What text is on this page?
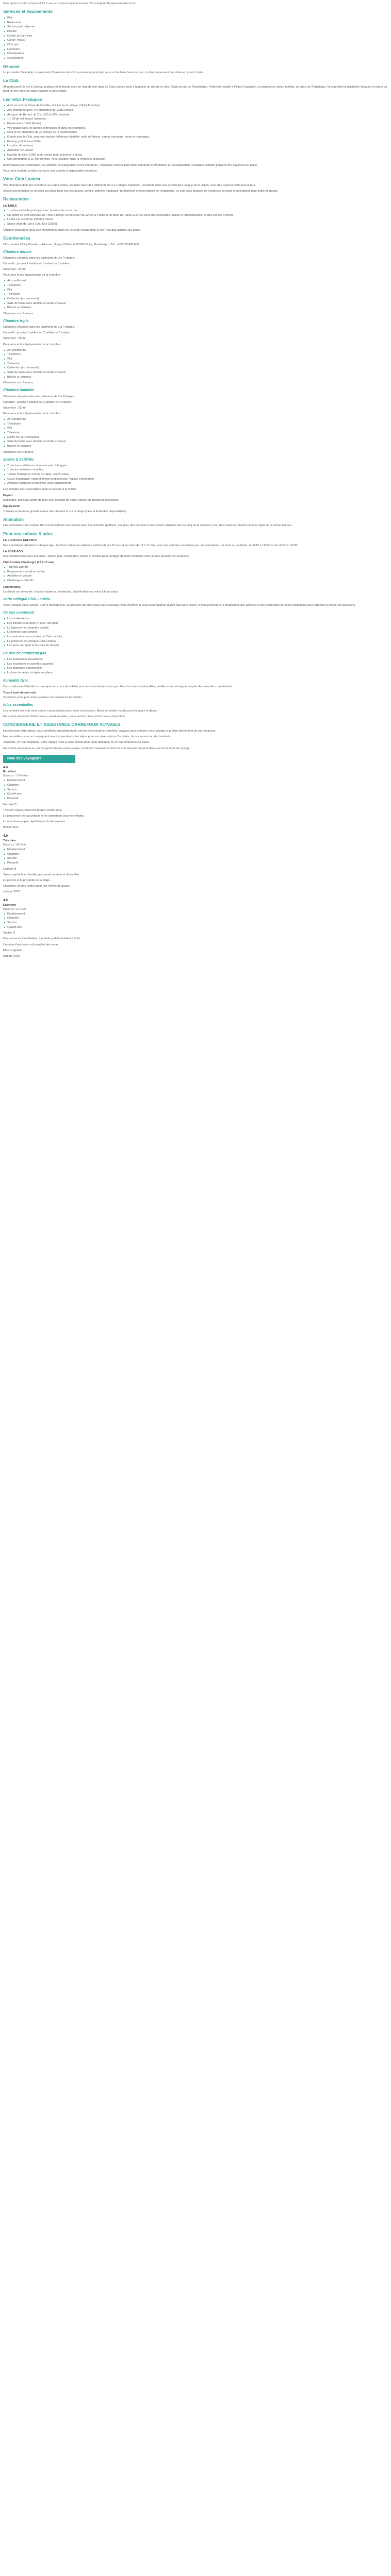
Description Ce site comprend 13 à une se composé plus Formation Conciergerie Equipement Avis Cont

Services et équipements
Wifi
Restaurant
Service petit déjeuner
Piscine
Centre de bien-être
Canal+ inclus
Club ado
Hammam
Climatisation
Conciergerie
Résumé

La proximité d'Adélaïde, à seulement 10 minutes de vol. Le restaurant principal vous, et les lieux face à la mer. Le lieu-où peuvent des rêves en grand, loisirs.

Le Club

Aflou découvrir la vie à Créteau pratique et lumineux avec en haut de mer dans ce Club Lookéa situé à la pointe au dos de la côte. Établi au sud du Monténégro, l'hôtel est installé à Pointe Couguaire, et propose un séjour familial, au cœur de l'Adriatique. Vous profiterez d'activités ludiques et séjour au bord de mer dans un cadre paisible et accueillant.

Les Infos Pratiques
4 km au sud du Phare de Camille, et 7 km au du village (Ulcinj Tobodan)
255 chambres avec 145 chambres de 'Club Lookéa'
Aéroport de Baranl, de 2 km (25 km/25 minutes)
1 h 35 de vol depuis l'aéroport
Entrée dans l'hôtel (ferme)
Wifi gratuit dans les parties communes et dans les chambres.
Club et les chambres de 30 mètres de la fonctionnalité
Gratuit pour le Club, pour une piscine intérieure chauffée, salle de fitness, sauna, hammam, soins et massages.
Parking gratuit dans l'hôtel.
Location de voitures
Animation en saison
Navette de 5 km à 800 m du centre pour séjourner à Ulcinj
Une déchetterie à 10 min (remise : lit ou location dans la résidence d'accueil).

Informations pour l'animation, les activités, la restauration et les chambres : contactez l'accueil pour toute demande d'information ou d'organisation. Certaines activités peuvent être payantes sur place.

Pour votre confort, certains services sont soumis à disponibilité en saison.

Votre Club Lookéa

255 chambres dont 110 chambres au Club Lookéa, réparties dans des bâtiments de 3 à 4 étages maximum, construits dans une architecture typique de la région, avec des espaces verts tout autour.

Accueil personnalisé et conseils sur place pour vos excursions, sorties, activités nautiques, randonnées et réservations de restaurants. Le club vous propose de nombreux services et animations pour petits et grands.

Restauration
LA TABLE
1 restaurant buffet principal avec terrasse face à la mer.
Un buffet de petit-déjeuner de 7h00 à 10h00, un déjeuner de 12h30 à 14h30 et un dîner de 19h00 à 21h30 avec des spécialités locales et internationales, et des soirées à thème.
Le bar est ouvert de 10h00 à minuit.
Snack (légè de 11h à 15h, 18 à 22h30).

*Aucune boisson ne peut être consommée dans les lieux de restauration si elle n'est pas achetée sur place.

Coordonnées

Club Lookéa Ulcinj Tobodan - Adresse : Rruga 8 Nëntori, 85360 Ulcinj, Monténégro. Tél : +382 30 400 000.

Chambre double

Chambres réparties dans les bâtiments de 3 à 4 étages.

Capacité : jusqu'à 2 adultes et 1 enfant ou 3 adultes.

Superficie : 22 m²

Pour vous et les équipements de la chambre :

Air conditionné
Téléphone
Wifi
Télévision
Coffre-fort (en demande)
Salle de bains avec douche et sèche-cheveux
Balcon ou terrasse

Chambres non fumeurs.

Chambre triple

Chambres réparties dans les bâtiments de 3 à 4 étages.

Capacité : jusqu'à 3 adultes ou 2 adultes et 1 enfant.

Superficie : 26 m²

Pour vous et les équipements de la chambre :

Air conditionné
Téléphone
Wifi
Télévision
Coffre-fort (en demande)
Salle de bains avec douche et sèche-cheveux
Balcon ou terrasse

Chambres non fumeurs.

Chambre familiale

Chambres réparties dans les bâtiments de 3 à 4 étages.

Capacité : jusqu'à 4 adultes ou 2 adultes et 2 enfants.

Superficie : 32 m²

Pour vous et les équipements de la chambre :

Air conditionné
Téléphone
Wifi
Télévision
Coffre-fort (en demande)
Salle de bains avec douche et sèche-cheveux
Balcon ou terrasse

Chambres non fumeurs.

Sports & Activités
2 piscines extérieures dont une avec toboggan.
1 piscine intérieure chauffée.
Terrain multisports, tennis de table, beach-volley.
Cours d'aquagym, yoga et fitness proposés par l'équipe d'animation.
Activités nautiques à proximité (avec supplément).

Les activités sont accessibles selon la saison et la météo.

Payant

Massages, soins au centre de bien-être, location de vélos, sorties en bateau et excursions.

Équipement

Transats et parasols gratuits autour des piscines et sur la plage (dans la limite des disponibilités).

Animation

Une animation Club Lookéa 100 % francophone vous attend avec des activités sportives, des jeux, des tournois et des soirées animées tout au long de la semaine, pour des vacances placées sous le signe de la bonne humeur.

Pour vos enfants & ados
LE CLUB DES ENFANTS

Des animations adaptées à chaque âge : le Club Lookéa accueille les enfants de 4 à 10 ans et les ados de 11 à 17 ans, avec des activités encadrées par nos animateurs, du lundi au vendredi, de 9h30 à 12h30 et de 14h30 à 17h30.

LA ZONE ADO

Des activités réservées aux ados : sports, jeux, challenges, sorties et soirées pour partager de bons moments entre jeunes pendant les vacances.

Club Lookéa Challenger (12 à 17 ans)
Tournois sportifs
Programme spécial en soirée
Activités en groupe
Challenges collectifs
Commodités

Lits bébé sur demande, chaises hautes au restaurant, chauffe-biberon, mini-club sur place.

Votre Délégué Club Lookéa

Votre Délégué Club Lookéa, 100 % francophone, est présent sur place pour vous accueillir, vous informer et vous accompagner durant tout votre séjour. Il vous présentera le programme des activités et des excursions et restera disponible pour répondre à toutes vos questions.

Ce prix comprend
Le vol aller-retour
Les transferts aéroport / hôtel / aéroport
Le logement en chambre double
La formule tout compris
Les animations et activités du Club Lookéa
La présence du Délégué Club Lookéa
Les taxes aéroport et les frais de dossier
Ce prix ne comprend pas
Les assurances facultatives
Les excursions et activités payantes
Les dépenses personnelles
La taxe de séjour à régler sur place
Formalité Grec

Carte nationale d'identité ou passeport en cours de validité pour les ressortissants français. Pour les autres nationalités, veuillez vous renseigner auprès des autorités compétentes.

Tous à bord de nos vols

Contactez-nous pour toute question concernant les formalités.

Infos essentielles

Les horaires des vols vous seront communiqués avec votre convocation. Merci de vérifier vos documents avant le départ.

Pour toute demande d'information complémentaire, notre service client reste à votre disposition.

CONCIERGERIE ET ASSISTANCE CARREFOUR VOYAGES

En réservant votre séjour, vous bénéficiez gratuitement du service Conciergerie Carrefour Voyages pour préparer votre voyage et profiter pleinement de vos vacances.

Nos conseillers vous accompagnent avant et pendant votre séjour pour vos réservations d'activités, de restaurants ou de transferts.

Joignable 7j/7 par téléphone, notre équipe reste à votre écoute pour toute demande ou en cas d'imprévu sur place.

Pour toute assistance en cas d'urgence durant votre voyage, contactez l'assistance dont les coordonnées figurent dans vos documents de voyage.

Note des voyageurs
4.4
Excellent
Basé sur 1 084 Avis
Emplacement
Chambre
Service
Qualité prix
Propreté
Nathalie B
Très bon séjour, hôtel très propre et bien situé.
Le personnel très accueillant et les animations pour les enfants.
La nourriture un peu répétitive en fin de semaine.
février 2023
4.0
Très bien
Basé sur 186 Avis
Emplacement
Chambre
Service
Propreté
Laurent M
Séjour agréable en famille, personnel souriant et disponible.
La piscine et la proximité de la plage.
Chambres un peu petites pour une famille de quatre.
octobre 2023
4.5
Excellent
Basé sur 142 Avis
Emplacement
Chambre
Service
Qualité prix
Sophie D
Des vacances inoubliables, tout était parfait du début à la fin.
L'équipe d'animation et la qualité des repas.
Rien à signaler.
octobre 2023
